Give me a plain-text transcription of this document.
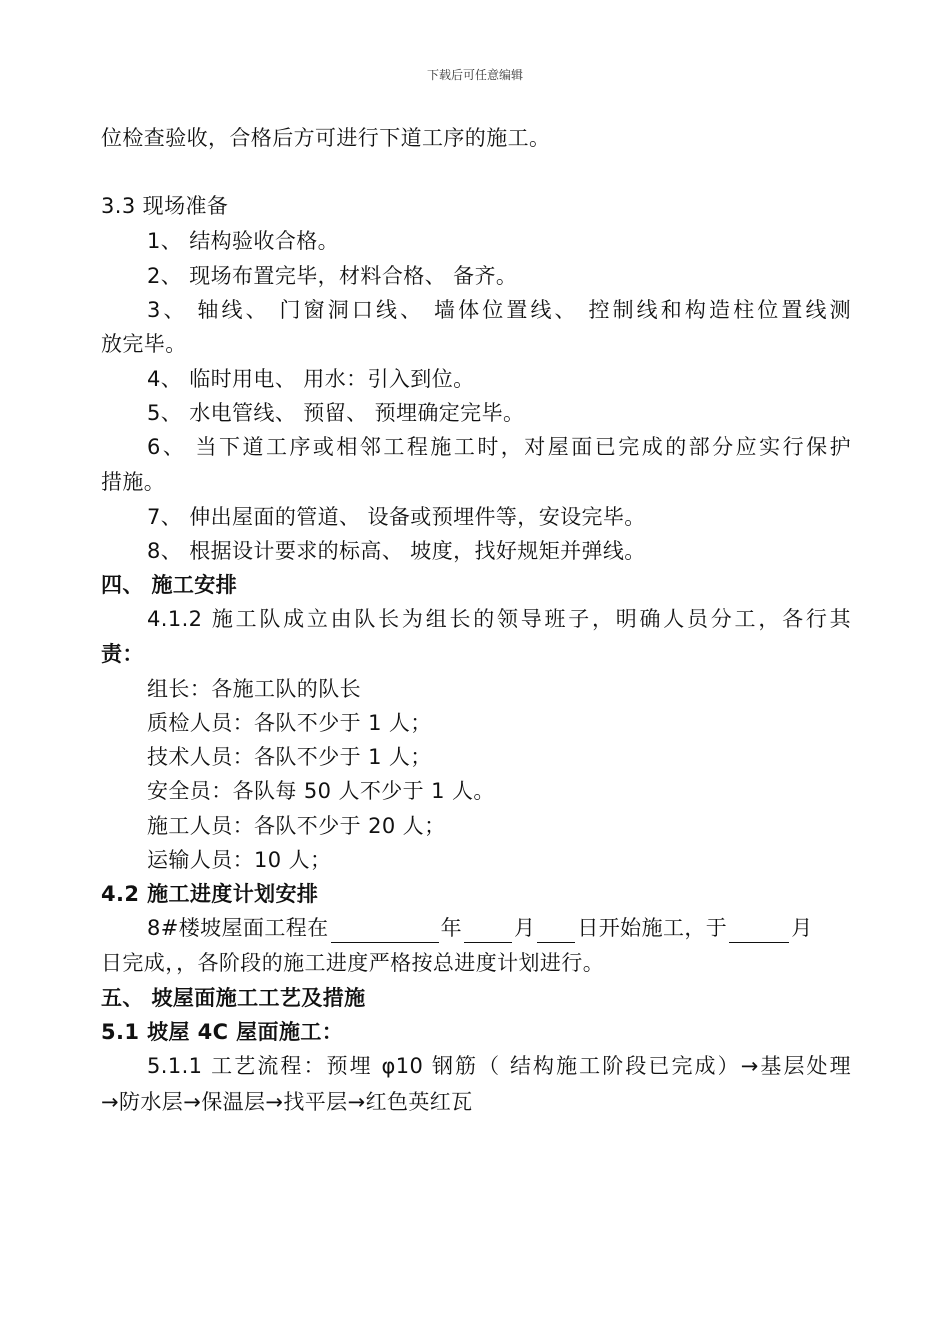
下载后可任意编辑
位检查验收，合格后方可进行下道工序的施工。
3.3 现场准备
1、 结构验收合格。
2、 现场布置完毕，材料合格、 备齐。
3、 轴线、 门窗洞口线、 墙体位置线、 控制线和构造柱位置线测
放完毕。
4、 临时用电、 用水：引入到位。
5、 水电管线、 预留、 预埋确定完毕。
6、 当下道工序或相邻工程施工时，对屋面已完成的部分应实行保护
措施。
7、 伸出屋面的管道、 设备或预埋件等，安设完毕。
8、 根据设计要求的标高、 坡度，找好规矩并弹线。
四、 施工安排
4.1.2 施工队成立由队长为组长的领导班子，明确人员分工，各行其
责：
组长：各施工队的队长
质检人员：各队不少于 1 人；
技术人员：各队不少于 1 人；
安全员：各队每 50 人不少于 1 人。
施工人员：各队不少于 20 人；
运输人员：10 人；
4.2 施工进度计划安排
8#楼坡屋面工程在	年 月 日开始施工，于	月
日完成，，各阶段的施工进度严格按总进度计划进行。
五、 坡屋面施工工艺及措施
5.1 坡屋 4C 屋面施工：
5.1.1 工艺流程：预埋 φ10 钢筋（ 结构施工阶段已完成）→基层处理
→防水层→保温层→找平层→红色英红瓦
